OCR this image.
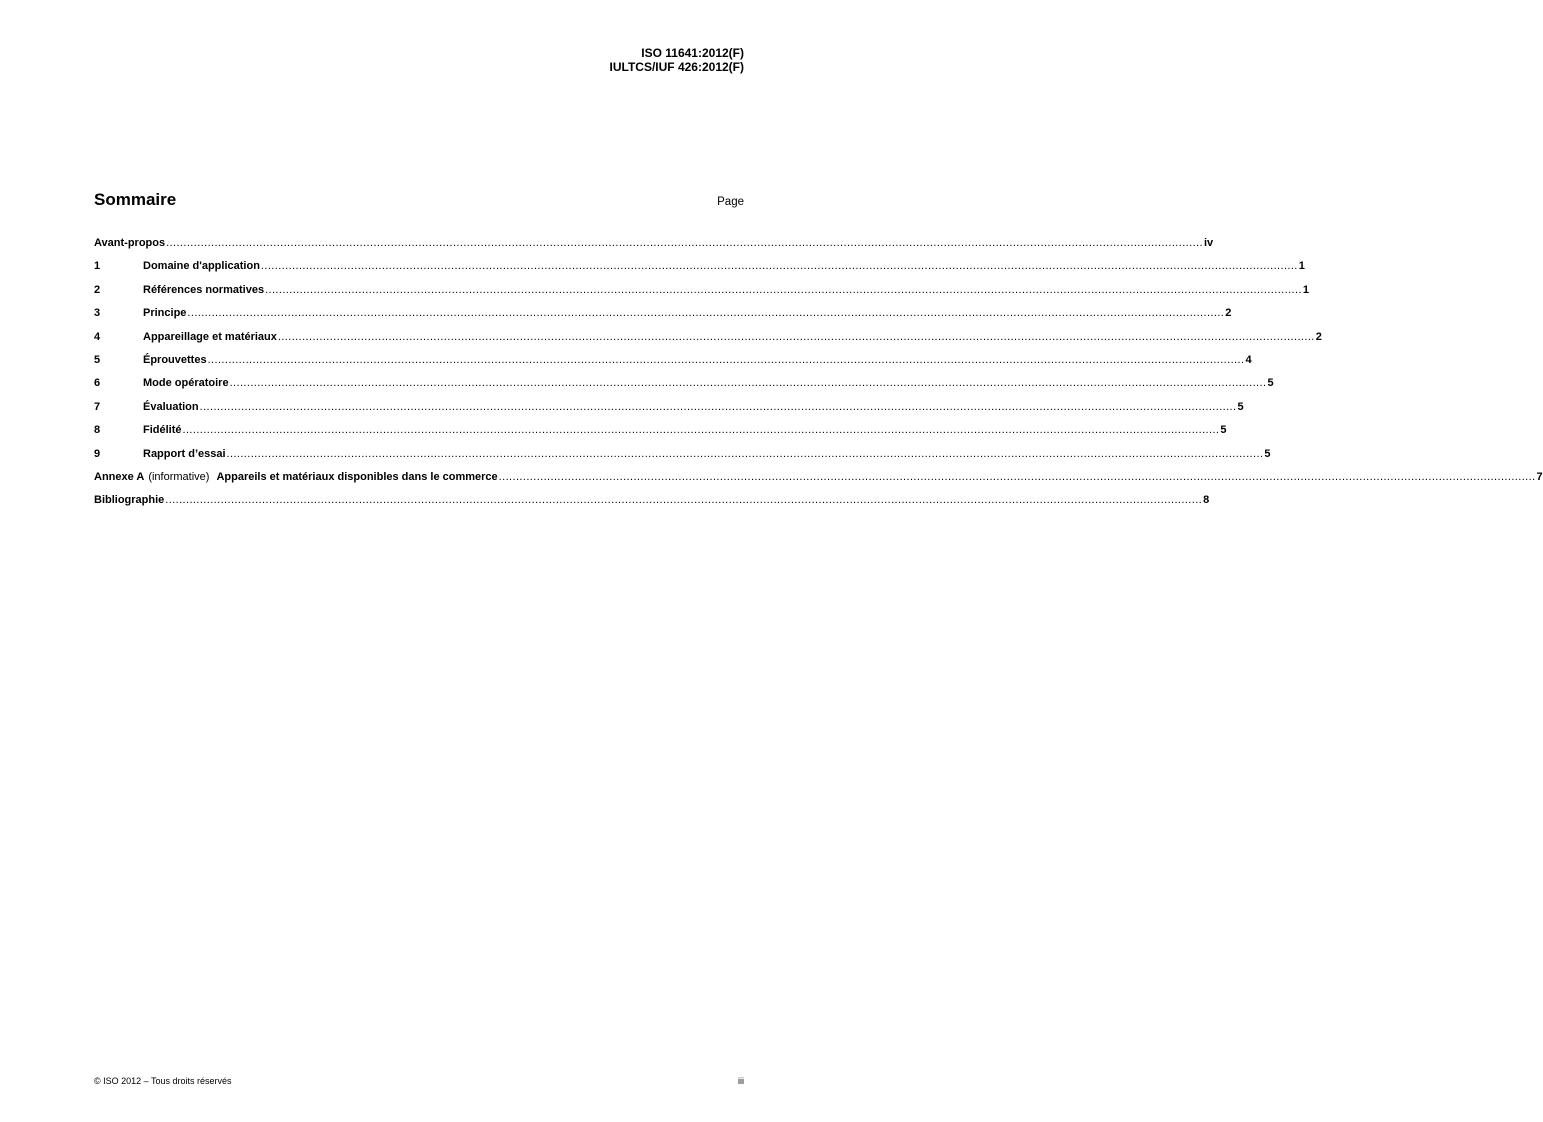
ISO 11641:2012(F)
IULTCS/IUF 426:2012(F)
Sommaire	Page
Avant-propos ............................................................................................................................................................................................................................................................................................................ iv
1	Domaine d'application ............................................................................................................................................................................................................................................................................................................ 1
2	Références normatives ............................................................................................................................................................................................................................................................................................................ 1
3	Principe ............................................................................................................................................................................................................................................................................................................ 2
4	Appareillage et matériaux ............................................................................................................................................................................................................................................................................................................ 2
5	Éprouvettes ............................................................................................................................................................................................................................................................................................................ 4
6	Mode opératoire ............................................................................................................................................................................................................................................................................................................ 5
7	Évaluation ............................................................................................................................................................................................................................................................................................................ 5
8	Fidélité ............................................................................................................................................................................................................................................................................................................ 5
9	Rapport d’essai ............................................................................................................................................................................................................................................................................................................ 5
Annexe A (informative) Appareils et matériaux disponibles dans le commerce ............................................................................................................................................................................................................................................................................................................ 7
Bibliographie ............................................................................................................................................................................................................................................................................................................ 8
© ISO 2012 – Tous droits réservés	iii
